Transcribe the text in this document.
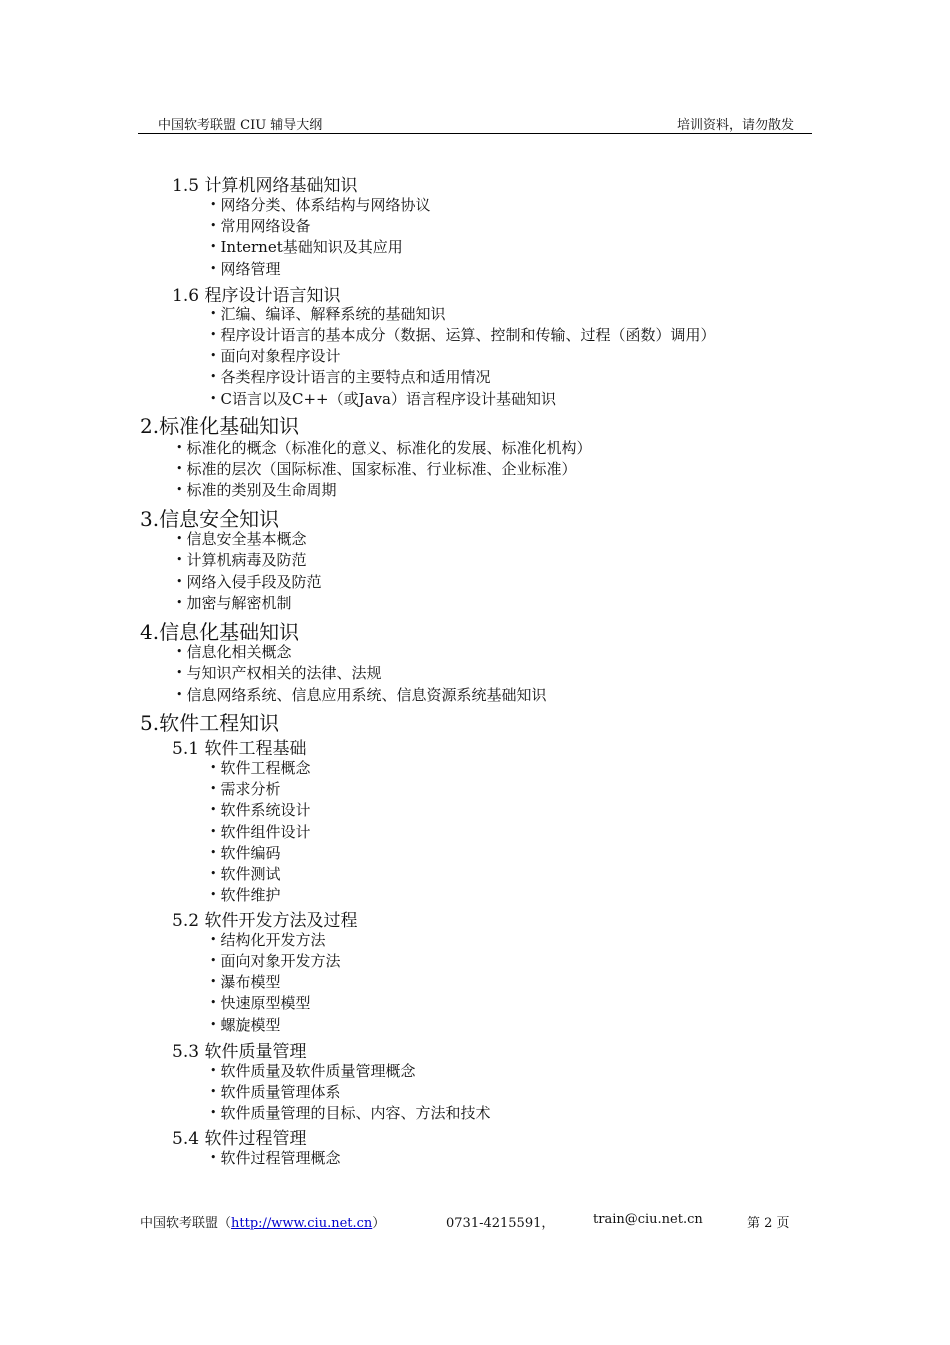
中国软考联盟 CIU 辅导大纲	培训资料，请勿散发
1.5 计算机网络基础知识
• 网络分类、体系结构与网络协议
• 常用网络设备
• Internet基础知识及其应用
• 网络管理
1.6 程序设计语言知识
• 汇编、编译、解释系统的基础知识
• 程序设计语言的基本成分（数据、运算、控制和传输、过程（函数）调用）
• 面向对象程序设计
• 各类程序设计语言的主要特点和适用情况
• C语言以及C++（或Java）语言程序设计基础知识
2.标准化基础知识
• 标准化的概念（标准化的意义、标准化的发展、标准化机构）
• 标准的层次（国际标准、国家标准、行业标准、企业标准）
• 标准的类别及生命周期
3.信息安全知识
• 信息安全基本概念
• 计算机病毒及防范
• 网络入侵手段及防范
• 加密与解密机制
4.信息化基础知识
• 信息化相关概念
• 与知识产权相关的法律、法规
• 信息网络系统、信息应用系统、信息资源系统基础知识
5.软件工程知识
5.1 软件工程基础
• 软件工程概念
• 需求分析
• 软件系统设计
• 软件组件设计
• 软件编码
• 软件测试
• 软件维护
5.2 软件开发方法及过程
• 结构化开发方法
• 面向对象开发方法
• 瀑布模型
• 快速原型模型
• 螺旋模型
5.3 软件质量管理
• 软件质量及软件质量管理概念
• 软件质量管理体系
• 软件质量管理的目标、内容、方法和技术
5.4 软件过程管理
• 软件过程管理概念
中国软考联盟（http://www.ciu.net.cn）	0731-4215591，	train@ciu.net.cn	第 2 页
